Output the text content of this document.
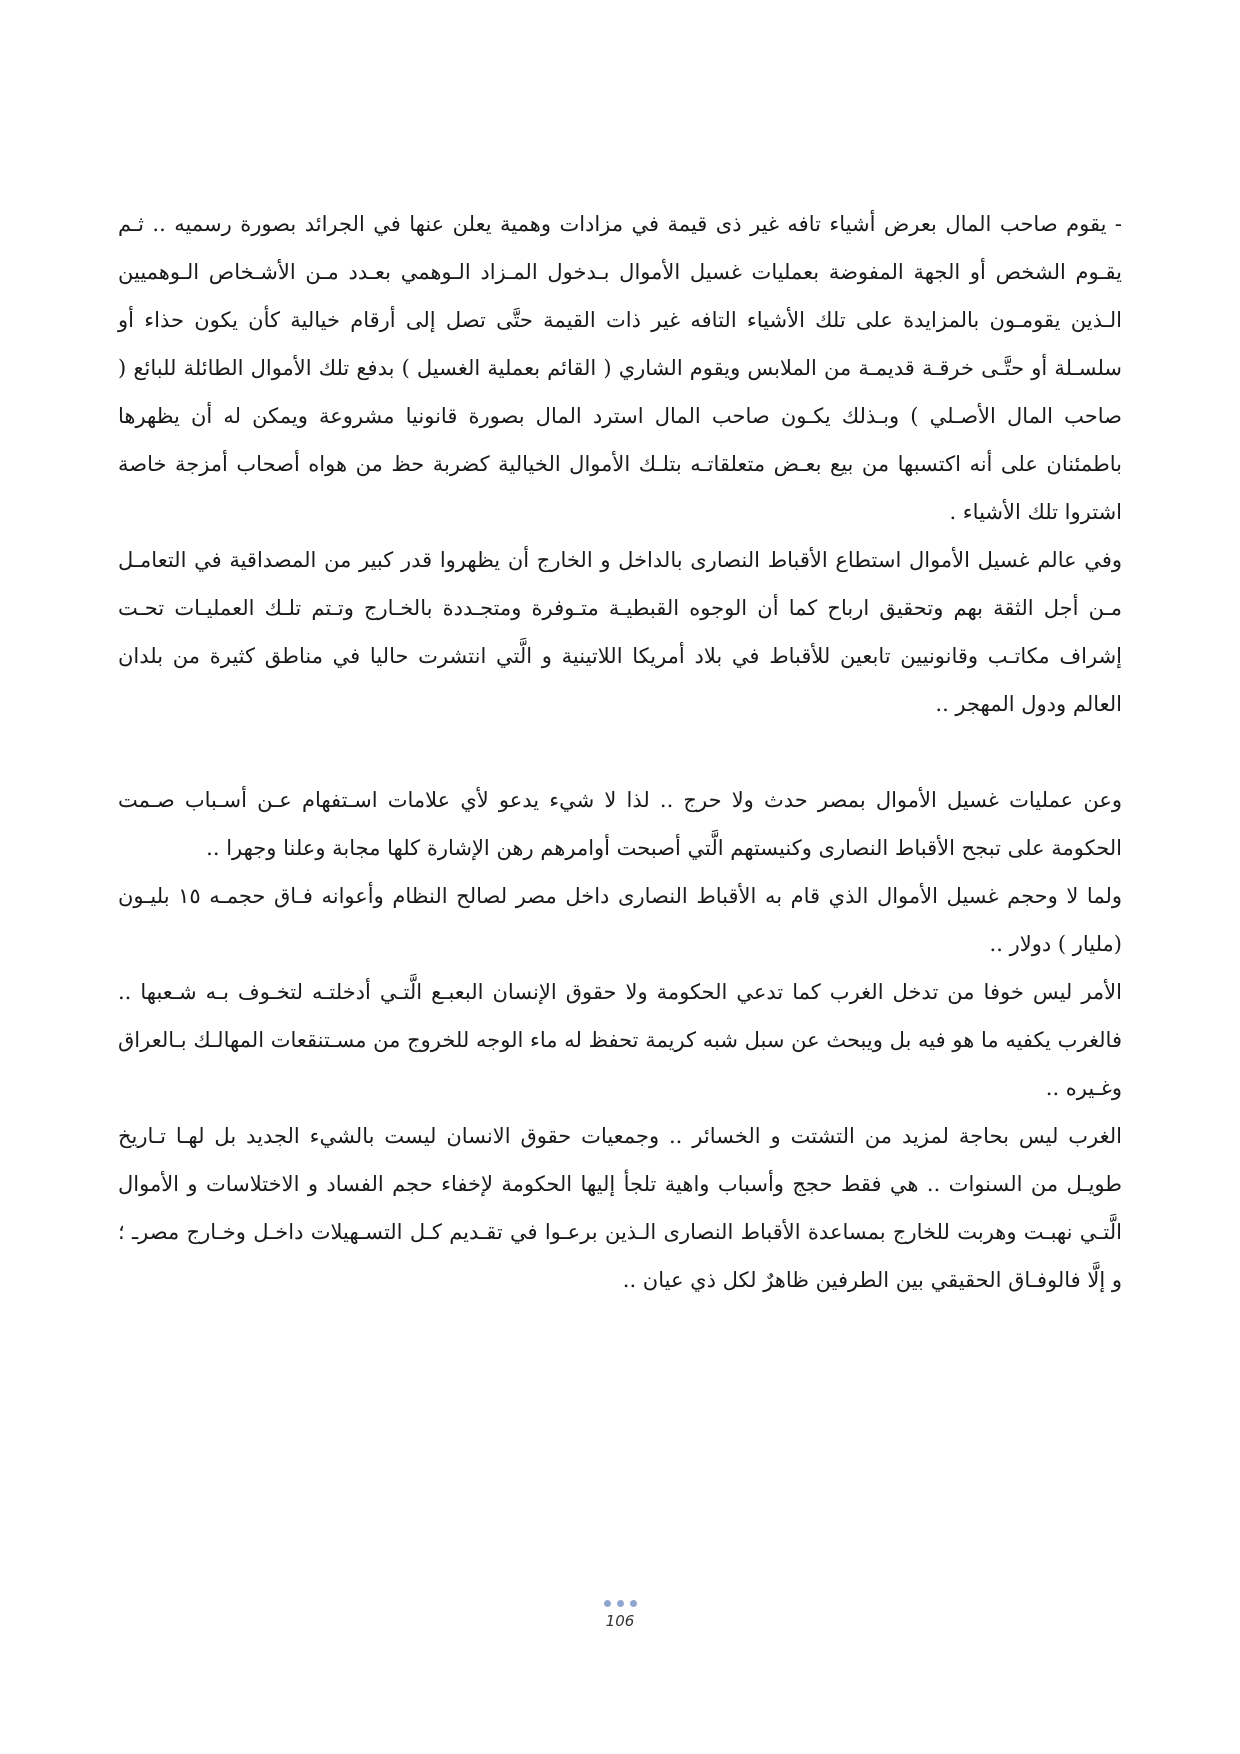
- يقوم صاحب المال بعرض أشياء تافه غير ذى قيمة في مزادات وهمية يعلن عنها في الجرائد بصورة رسميه .. ثـم يقـوم الشخص أو الجهة المفوضة بعمليات غسيل الأموال بـدخول المـزاد الـوهمي بعـدد مـن الأشـخاص الـوهميين الـذين يقومـون بالمزايدة على تلك الأشياء التافه غير ذات القيمة حتَّى تصل إلى أرقام خيالية كأن يكون حذاء أو سلسـلة أو حتَّـى خرقـة قديمـة من الملابس ويقوم الشاري ( القائم بعملية الغسيل ) بدفع تلك الأموال الطائلة للبائع ( صاحب المال الأصـلي ) وبـذلك يكـون صاحب المال استرد المال بصورة قانونيا مشروعة ويمكن له أن يظهرها باطمئنان على أنه اكتسبها من بيع بعـض متعلقاتـه بتلـك الأموال الخيالية كضربة حظ من هواه أصحاب أمزجة خاصة اشتروا تلك الأشياء .

وفي عالم غسيل الأموال استطاع الأقباط النصارى بالداخل و الخارج أن يظهروا قدر كبير من المصداقية في التعامـل مـن أجل الثقة بهم وتحقيق ارباح كما أن الوجوه القبطيـة متـوفرة ومتجـددة بالخـارج وتـتم تلـك العمليـات تحـت إشراف مكاتـب وقانونيين تابعين للأقباط في بلاد أمريكا اللاتينية و الَّتي انتشرت حاليا في مناطق كثيرة من بلدان العالم ودول المهجر ..

وعن عمليات غسيل الأموال بمصر حدث ولا حرج .. لذا لا شيء يدعو لأي علامات اسـتفهام عـن أسـباب صـمت الحكومة على تبجح الأقباط النصارى وكنيستهم الَّتي أصبحت أوامرهم رهن الإشارة كلها مجابة وعلنا وجهرا ..

ولما لا وحجم غسيل الأموال الذي قام به الأقباط النصارى داخل مصر لصالح النظام وأعوانه فـاق حجمـه ١٥ بليـون (مليار ) دولار ..

الأمر ليس خوفا من تدخل الغرب كما تدعي الحكومة ولا حقوق الإنسان البعبـع الَّتـي أدخلتـه لتخـوف بـه شـعبها .. فالغرب يكفيه ما هو فيه بل ويبحث عن سبل شبه كريمة تحفظ له ماء الوجه للخروج من مسـتنقعات المهالـك بـالعراق وغـيره ..

الغرب ليس بحاجة لمزيد من التشتت و الخسائر .. وجمعيات حقوق الانسان ليست بالشيء الجديد بل لهـا تـاريخ طويـل من السنوات .. هي فقط حجج وأسباب واهية تلجأ إليها الحكومة لإخفاء حجم الفساد و الاختلاسات و الأموال الَّتـي نهبـت وهربت للخارج بمساعدة الأقباط النصارى الـذين برعـوا في تقـديم كـل التسـهيلات داخـل وخـارج مصرـ ؛ و إلَّا فالوفـاق الحقيقي بين الطرفين ظاهرٌ لكل ذي عيان ..

106
